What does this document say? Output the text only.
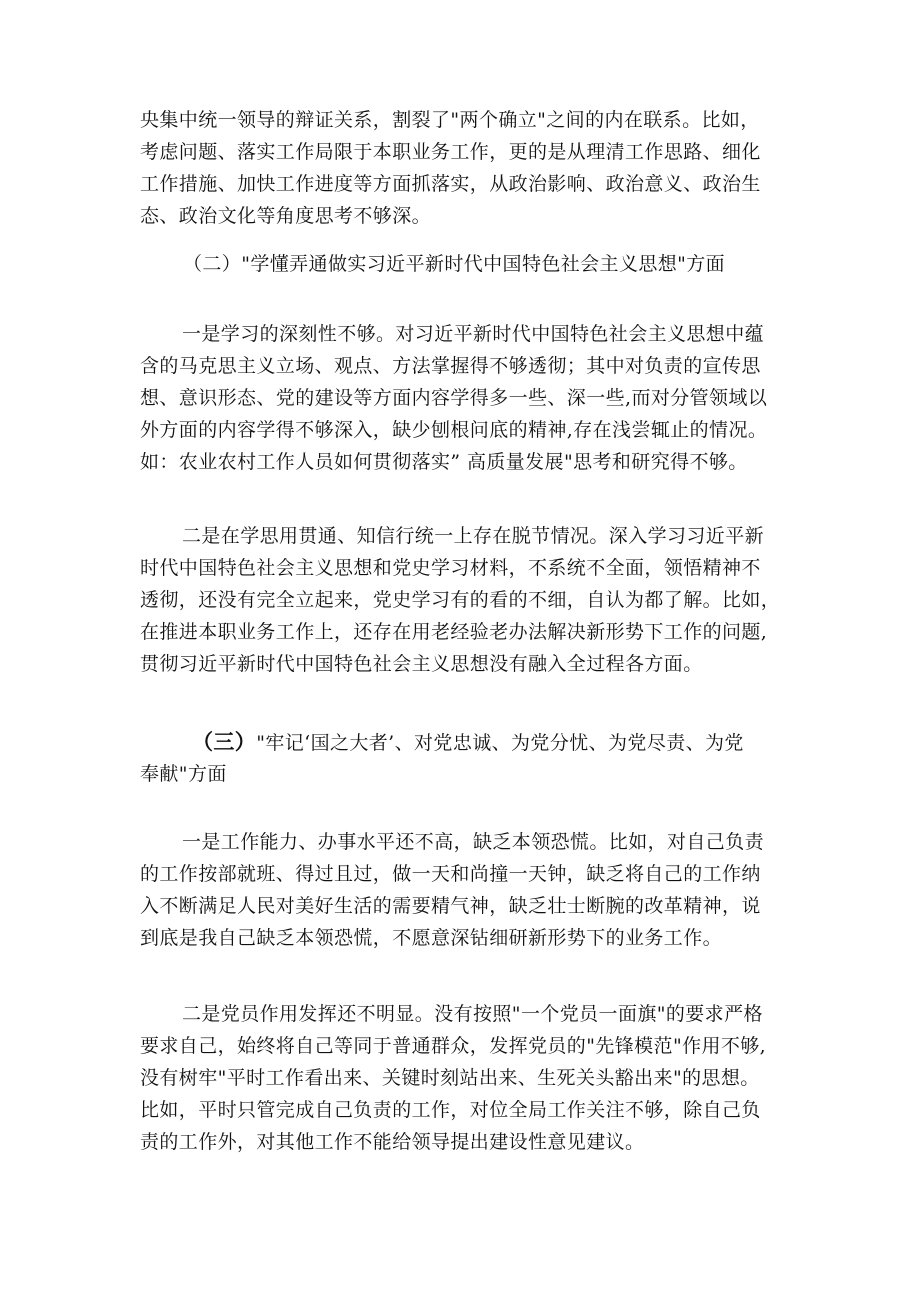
央集中统一领导的辩证关系，割裂了"两个确立"之间的内在联系。比如，
考虑问题、落实工作局限于本职业务工作，更的是从理清工作思路、细化
工作措施、加快工作进度等方面抓落实，从政治影响、政治意义、政治生
态、政治文化等角度思考不够深。
（二）"学懂弄通做实习近平新时代中国特色社会主义思想"方面
一是学习的深刻性不够。对习近平新时代中国特色社会主义思想中蕴
含的马克思主义立场、观点、方法掌握得不够透彻；其中对负责的宣传思
想、意识形态、党的建设等方面内容学得多一些、深一些,而对分管领域以
外方面的内容学得不够深入，缺少刨根问底的精神,存在浅尝辄止的情况。
如：农业农村工作人员如何贯彻落实” 高质量发展"思考和研究得不够。
二是在学思用贯通、知信行统一上存在脱节情况。深入学习习近平新
时代中国特色社会主义思想和党史学习材料，不系统不全面，领悟精神不
透彻，还没有完全立起来，党史学习有的看的不细，自认为都了解。比如，
在推进本职业务工作上，还存在用老经验老办法解决新形势下工作的问题,
贯彻习近平新时代中国特色社会主义思想没有融入全过程各方面。
（三）"牢记‘国之大者’、对党忠诚、为党分忧、为党尽责、为党
奉献"方面
一是工作能力、办事水平还不高，缺乏本领恐慌。比如，对自己负责
的工作按部就班、得过且过，做一天和尚撞一天钟，缺乏将自己的工作纳
入不断满足人民对美好生活的需要精气神，缺乏壮士断腕的改革精神，说
到底是我自己缺乏本领恐慌，不愿意深钻细研新形势下的业务工作。
二是党员作用发挥还不明显。没有按照"一个党员一面旗"的要求严格
要求自己，始终将自己等同于普通群众，发挥党员的"先锋模范"作用不够,
没有树牢"平时工作看出来、关键时刻站出来、生死关头豁出来"的思想。
比如，平时只管完成自己负责的工作，对位全局工作关注不够，除自己负
责的工作外，对其他工作不能给领导提出建设性意见建议。
